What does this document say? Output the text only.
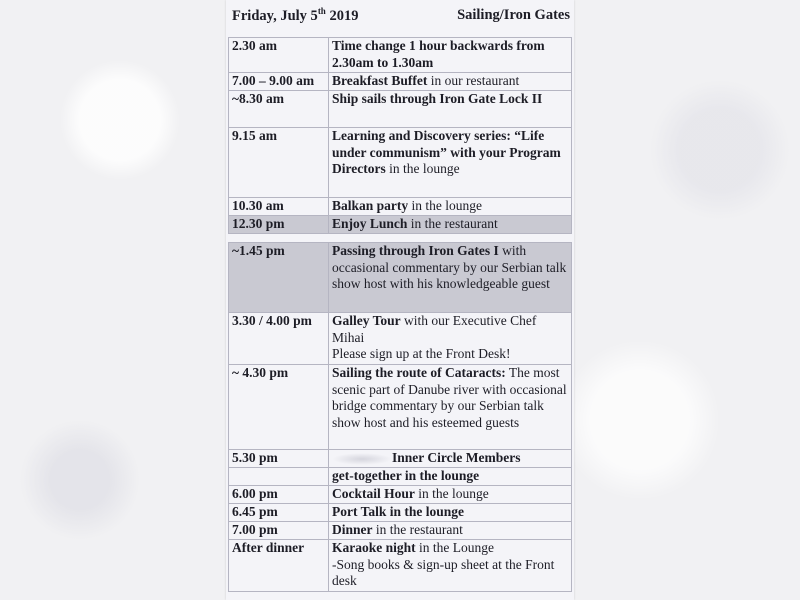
Friday, July 5th 2019	Sailing/Iron Gates
2.30 am	Time change 1 hour backwards from 2.30am to 1.30am
7.00 – 9.00 am	Breakfast Buffet in our restaurant
~8.30 am	Ship sails through Iron Gate Lock II
9.15 am	Learning and Discovery series: “Life under communism” with your Program Directors in the lounge
10.30 am	Balkan party in the lounge
12.30 pm	Enjoy Lunch in the restaurant
~1.45 pm	Passing through Iron Gates I with occasional commentary by our Serbian talk show host with his knowledgeable guest
3.30 / 4.00 pm	Galley Tour with our Executive Chef Mihai
Please sign up at the Front Desk!
~ 4.30 pm	Sailing the route of Cataracts: The most scenic part of Danube river with occasional bridge commentary by our Serbian talk show host and his esteemed guests
5.30 pm	Inner Circle Members
	get-together in the lounge
6.00 pm	Cocktail Hour in the lounge
6.45 pm	Port Talk in the lounge
7.00 pm	Dinner in the restaurant
After dinner	Karaoke night in the Lounge
-Song books & sign-up sheet at the Front desk
